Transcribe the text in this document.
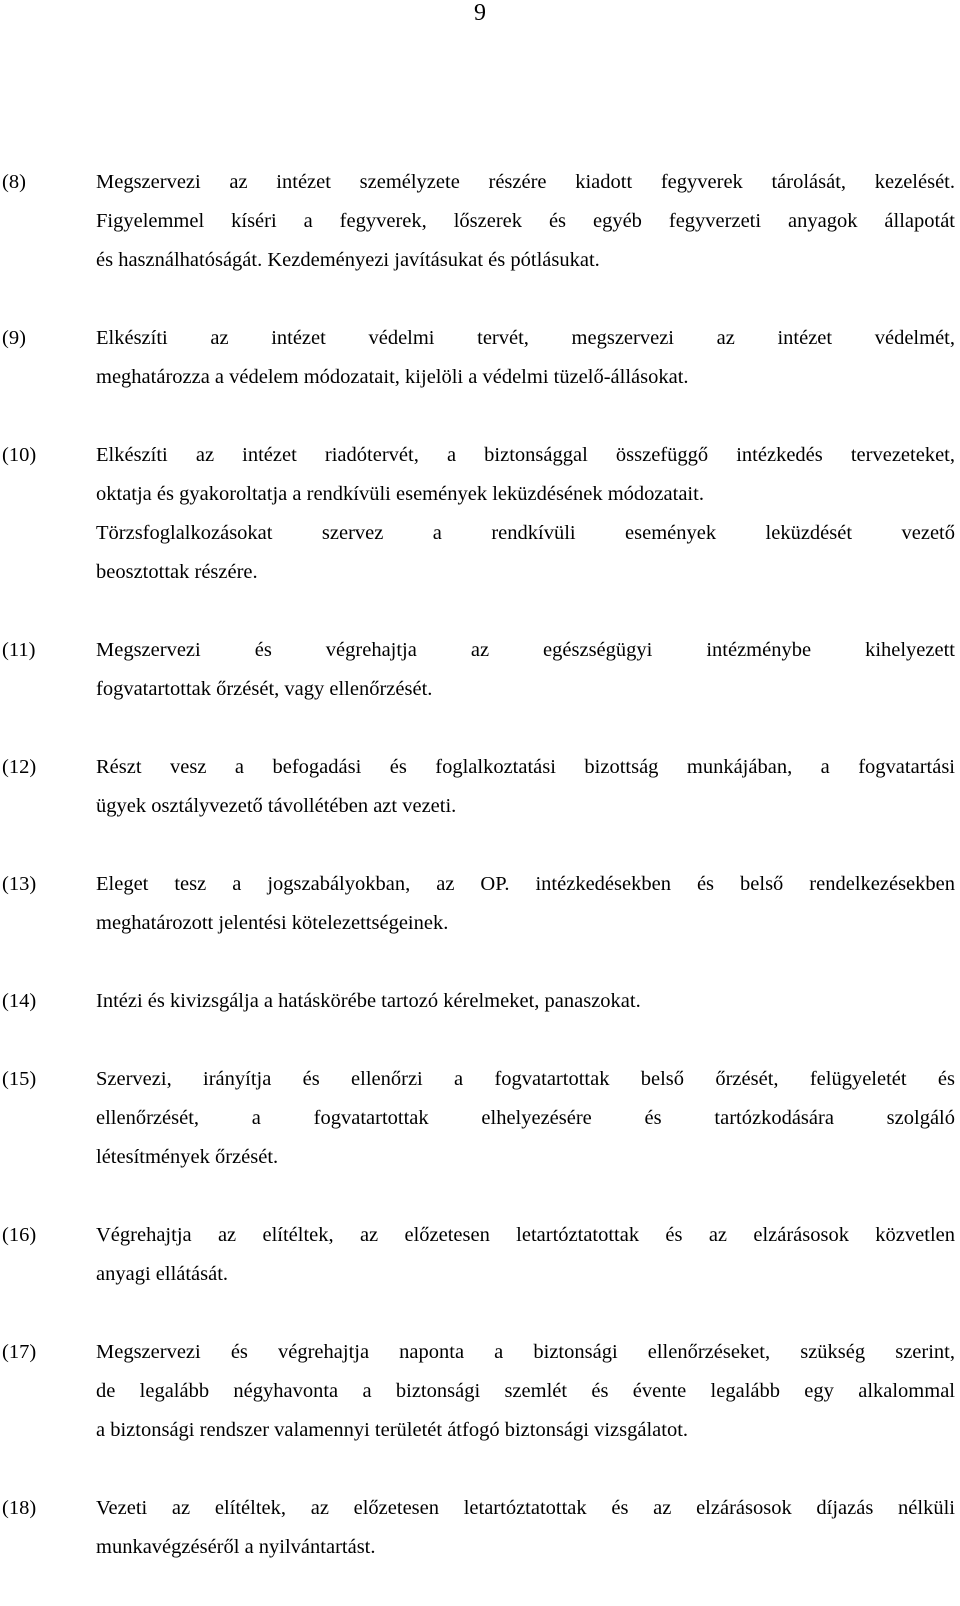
9
(8)	Megszervezi az intézet személyzete részére kiadott fegyverek tárolását, kezelését.
Figyelemmel kíséri a fegyverek, lőszerek és egyéb fegyverzeti anyagok állapotát
és használhatóságát. Kezdeményezi javításukat és pótlásukat.
(9)	Elkészíti az intézet védelmi tervét, megszervezi az intézet védelmét,
meghatározza a védelem módozatait, kijelöli a védelmi tüzelő-állásokat.
(10)	Elkészíti az intézet riadótervét, a biztonsággal összefüggő intézkedés tervezeteket,
oktatja és gyakoroltatja a rendkívüli események leküzdésének módozatait.
Törzsfoglalkozásokat szervez a rendkívüli események leküzdését vezető
beosztottak részére.
(11)	Megszervezi és végrehajtja az egészségügyi intézménybe kihelyezett
fogvatartottak őrzését, vagy ellenőrzését.
(12)	Részt vesz a befogadási és foglalkoztatási bizottság munkájában, a fogvatartási
ügyek osztályvezető távollétében azt vezeti.
(13)	Eleget tesz a jogszabályokban, az OP. intézkedésekben és belső rendelkezésekben
meghatározott jelentési kötelezettségeinek.
(14)	Intézi és kivizsgálja a hatáskörébe tartozó kérelmeket, panaszokat.
(15)	Szervezi, irányítja és ellenőrzi a fogvatartottak belső őrzését, felügyeletét és
ellenőrzését, a fogvatartottak elhelyezésére és tartózkodására szolgáló
létesítmények őrzését.
(16)	Végrehajtja az elítéltek, az előzetesen letartóztatottak és az elzárásosok közvetlen
anyagi ellátását.
(17)	Megszervezi és végrehajtja naponta a biztonsági ellenőrzéseket, szükség szerint,
de legalább négyhavonta a biztonsági szemlét és évente legalább egy alkalommal
a biztonsági rendszer valamennyi területét átfogó biztonsági vizsgálatot.
(18)	Vezeti az elítéltek, az előzetesen letartóztatottak és az elzárásosok díjazás nélküli
munkavégzéséről a nyilvántartást.
